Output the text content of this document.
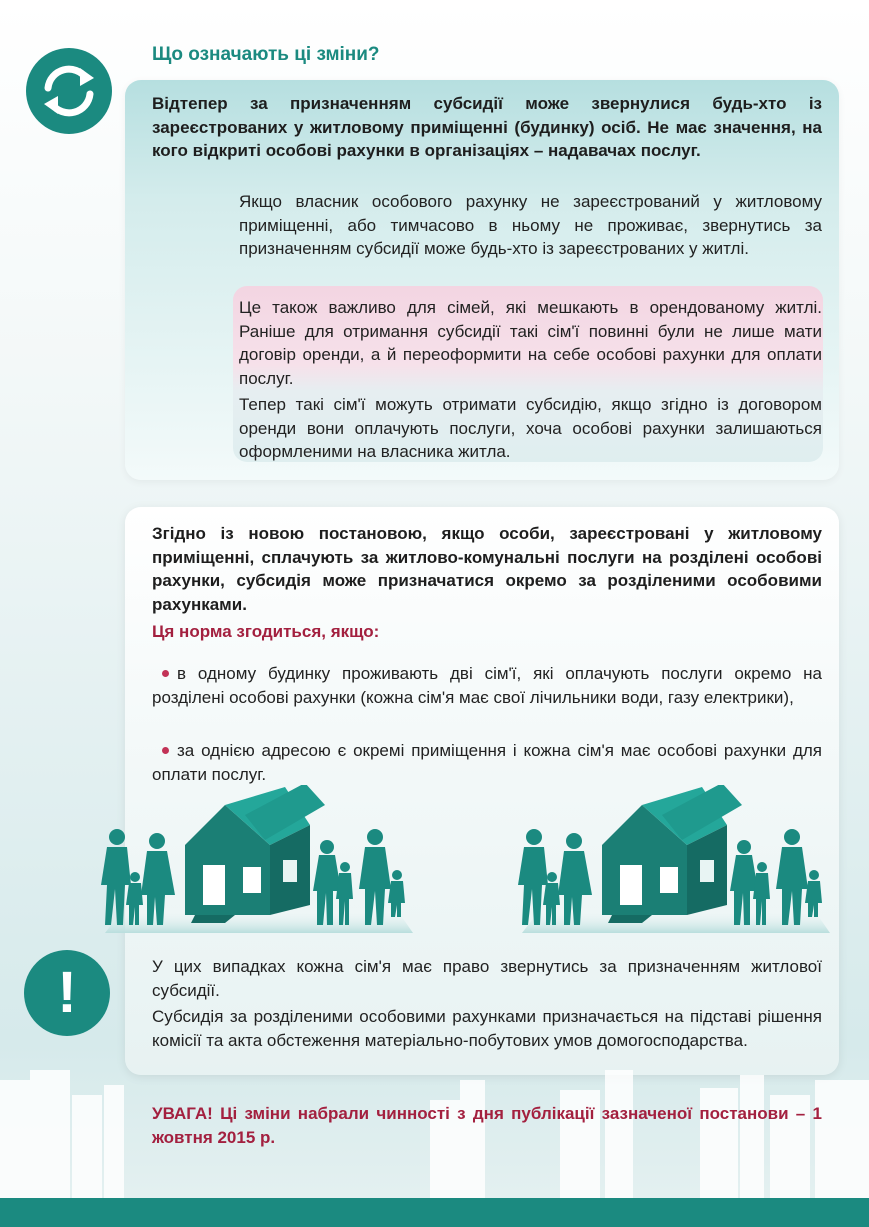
Що означають ці зміни?

Відтепер за призначенням субсидії може звернулися будь-хто із зареєстрованих у житловому приміщенні (будинку) осіб. Не має значення, на кого відкриті особові рахунки в організаціях – надавачах послуг.

Якщо власник особового рахунку не зареєстрований у житловому приміщенні, або тимчасово в ньому не проживає, звернутись за призначенням субсидії може будь-хто із зареєстрованих у житлі.

Це також важливо для сімей, які мешкають в орендованому житлі. Раніше для отримання субсидії такі сім'ї повинні були не лише мати договір оренди, а й переоформити на себе особові рахунки для оплати послуг.

Тепер такі сім'ї можуть отримати субсидію, якщо згідно із договором оренди вони оплачують послуги, хоча особові рахунки залишаються оформленими на власника житла.

Згідно із новою постановою, якщо особи, зареєстровані у житловому приміщенні, сплачують за житлово-комунальні послуги на розділені особові рахунки, субсидія може призначатися окремо за розділеними особовими рахунками.

Ця норма згодиться, якщо:

в одному будинку проживають дві сім'ї, які оплачують послуги окремо на розділені особові рахунки (кожна сім'я має свої лічильники води, газу електрики),

за однією адресою є окремі приміщення і кожна сім'я має особові рахунки для оплати послуг.

!	У цих випадках кожна сім'я має право звернутись за призначенням житлової субсидії.

Субсидія за розділеними особовими рахунками призначається на підставі рішення комісії та акта обстеження матеріально-побутових умов домогосподарства.

УВАГА! Ці зміни набрали чинності з дня публікації зазначеної постанови – 1 жовтня 2015 р.
